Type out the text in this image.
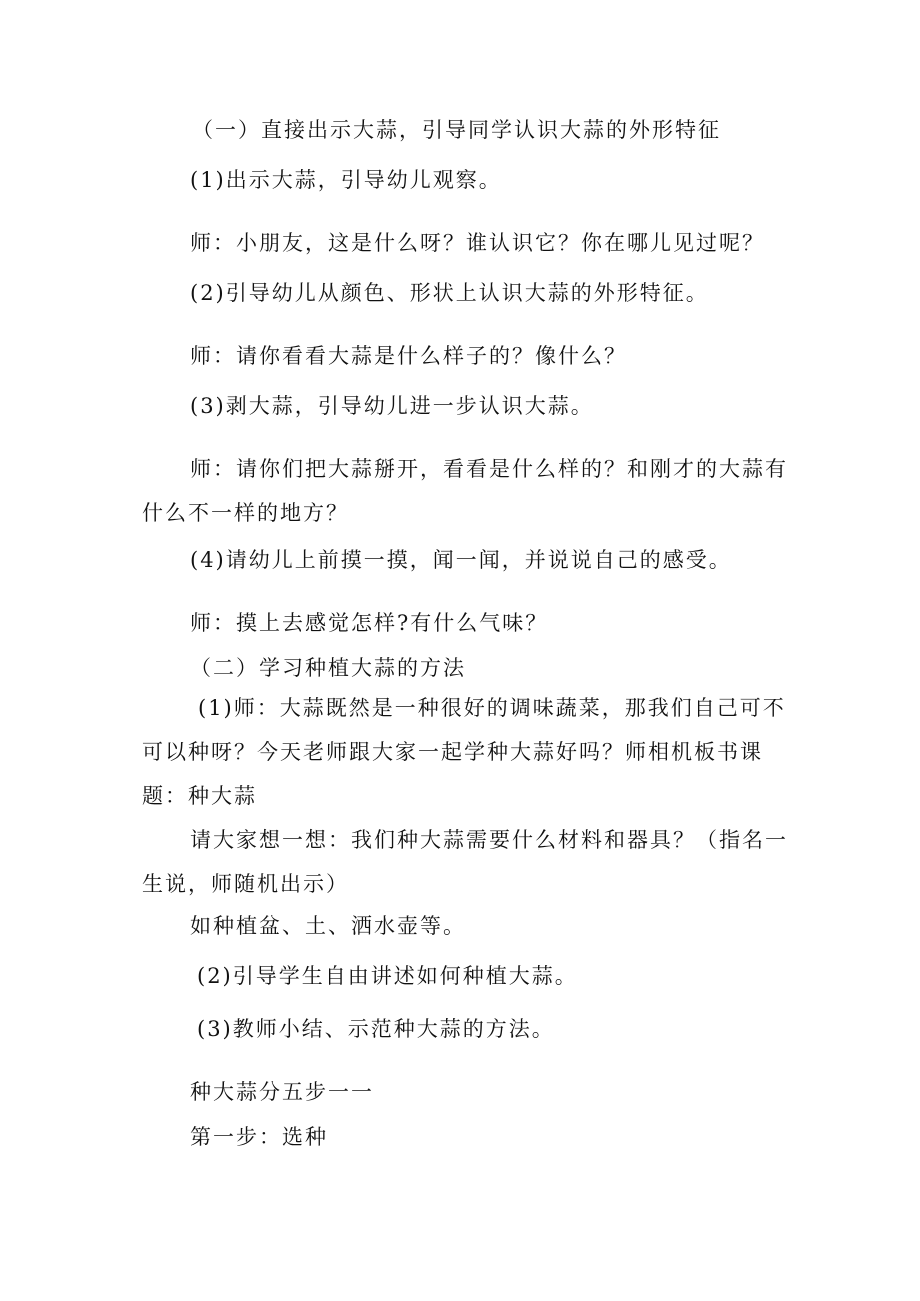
（一）直接出示大蒜，引导同学认识大蒜的外形特征
(1)出示大蒜，引导幼儿观察。
师：小朋友，这是什么呀？谁认识它？你在哪儿见过呢？
(2)引导幼儿从颜色、形状上认识大蒜的外形特征。
师：请你看看大蒜是什么样子的？像什么？
(3)剥大蒜，引导幼儿进一步认识大蒜。
师：请你们把大蒜掰开，看看是什么样的？和刚才的大蒜有什么不一样的地方？
(4)请幼儿上前摸一摸，闻一闻，并说说自己的感受。
师：摸上去感觉怎样?有什么气味？
（二）学习种植大蒜的方法
(1)师：大蒜既然是一种很好的调味蔬菜，那我们自己可不可以种呀？今天老师跟大家一起学种大蒜好吗？师相机板书课题：种大蒜
请大家想一想：我们种大蒜需要什么材料和器具？（指名一生说，师随机出示）
如种植盆、土、洒水壶等。
(2)引导学生自由讲述如何种植大蒜。
(3)教师小结、示范种大蒜的方法。
种大蒜分五步一一
第一步：选种
